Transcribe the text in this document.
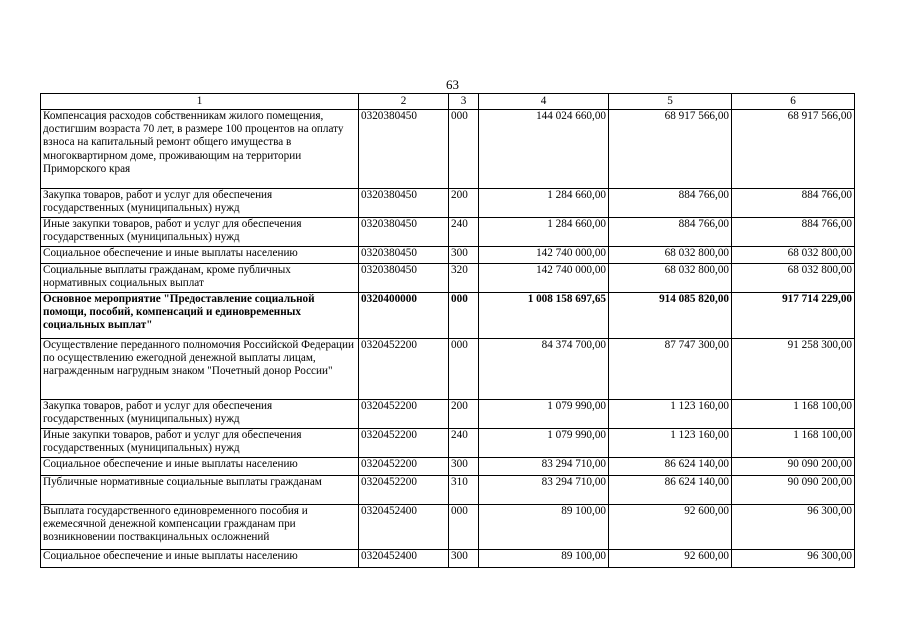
63
1	2	3	4	5	6
Компенсация расходов собственникам жилого помещения, достигшим возраста 70 лет, в размере 100 процентов на оплату взноса на капитальный ремонт общего имущества в многоквартирном доме, проживающим на территории Приморского края	0320380450	000	144 024 660,00	68 917 566,00	68 917 566,00
Закупка товаров, работ и услуг для обеспечения государственных (муниципальных) нужд	0320380450	200	1 284 660,00	884 766,00	884 766,00
Иные закупки товаров, работ и услуг для обеспечения государственных (муниципальных) нужд	0320380450	240	1 284 660,00	884 766,00	884 766,00
Социальное обеспечение и иные выплаты населению	0320380450	300	142 740 000,00	68 032 800,00	68 032 800,00
Социальные выплаты гражданам, кроме публичных нормативных социальных выплат	0320380450	320	142 740 000,00	68 032 800,00	68 032 800,00
Основное мероприятие "Предоставление социальной помощи, пособий, компенсаций и единовременных социальных выплат"	0320400000	000	1 008 158 697,65	914 085 820,00	917 714 229,00
Осуществление переданного полномочия Российской Федерации по осуществлению ежегодной денежной выплаты лицам, награжденным нагрудным знаком "Почетный донор России"	0320452200	000	84 374 700,00	87 747 300,00	91 258 300,00
Закупка товаров, работ и услуг для обеспечения государственных (муниципальных) нужд	0320452200	200	1 079 990,00	1 123 160,00	1 168 100,00
Иные закупки товаров, работ и услуг для обеспечения государственных (муниципальных) нужд	0320452200	240	1 079 990,00	1 123 160,00	1 168 100,00
Социальное обеспечение и иные выплаты населению	0320452200	300	83 294 710,00	86 624 140,00	90 090 200,00
Публичные нормативные социальные выплаты гражданам	0320452200	310	83 294 710,00	86 624 140,00	90 090 200,00
Выплата государственного единовременного пособия и ежемесячной денежной компенсации гражданам при возникновении поствакцинальных осложнений	0320452400	000	89 100,00	92 600,00	96 300,00
Социальное обеспечение и иные выплаты населению	0320452400	300	89 100,00	92 600,00	96 300,00
